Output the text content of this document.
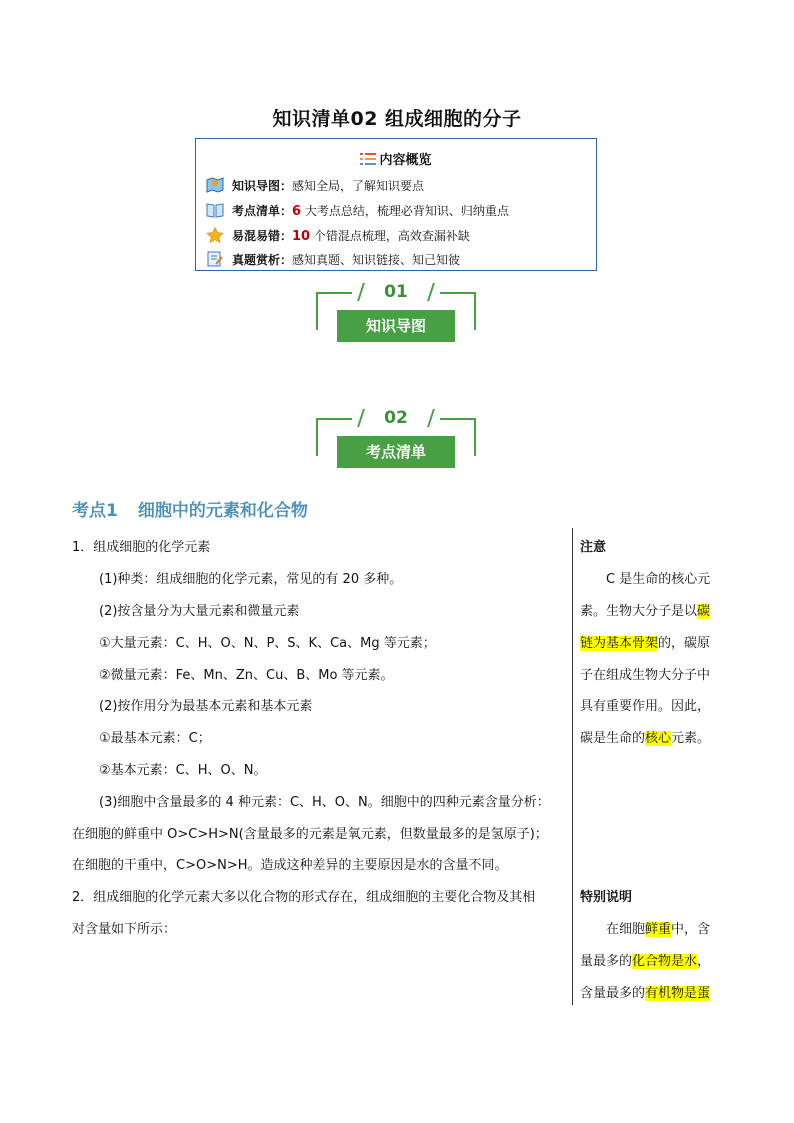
知识清单02 组成细胞的分子
内容概览
知识导图：感知全局，了解知识要点
考点清单：6 大考点总结，梳理必背知识、归纳重点
易混易错：10 个错混点梳理，高效查漏补缺
真题赏析：感知真题、知识链接、知己知彼
01
知识导图
02
考点清单
考点1 细胞中的元素和化合物
1．组成细胞的化学元素
(1)种类：组成细胞的化学元素，常见的有 20 多种。
(2)按含量分为大量元素和微量元素
①大量元素：C、H、O、N、P、S、K、Ca、Mg 等元素；
②微量元素：Fe、Mn、Zn、Cu、B、Mo 等元素。
(2)按作用分为最基本元素和基本元素
①最基本元素：C；
②基本元素：C、H、O、N。
(3)细胞中含量最多的 4 种元素：C、H、O、N。细胞中的四种元素含量分析：
在细胞的鲜重中 O>C>H>N(含量最多的元素是氧元素，但数量最多的是氢原子)；
在细胞的干重中，C>O>N>H。造成这种差异的主要原因是水的含量不同。
2．组成细胞的化学元素大多以化合物的形式存在，组成细胞的主要化合物及其相
对含量如下所示：
注意
C 是生命的核心元
素。生物大分子是以碳
链为基本骨架的，碳原
子在组成生物大分子中
具有重要作用。因此，
碳是生命的核心元素。
特别说明
在细胞鲜重中，含
量最多的化合物是水，
含量最多的有机物是蛋
